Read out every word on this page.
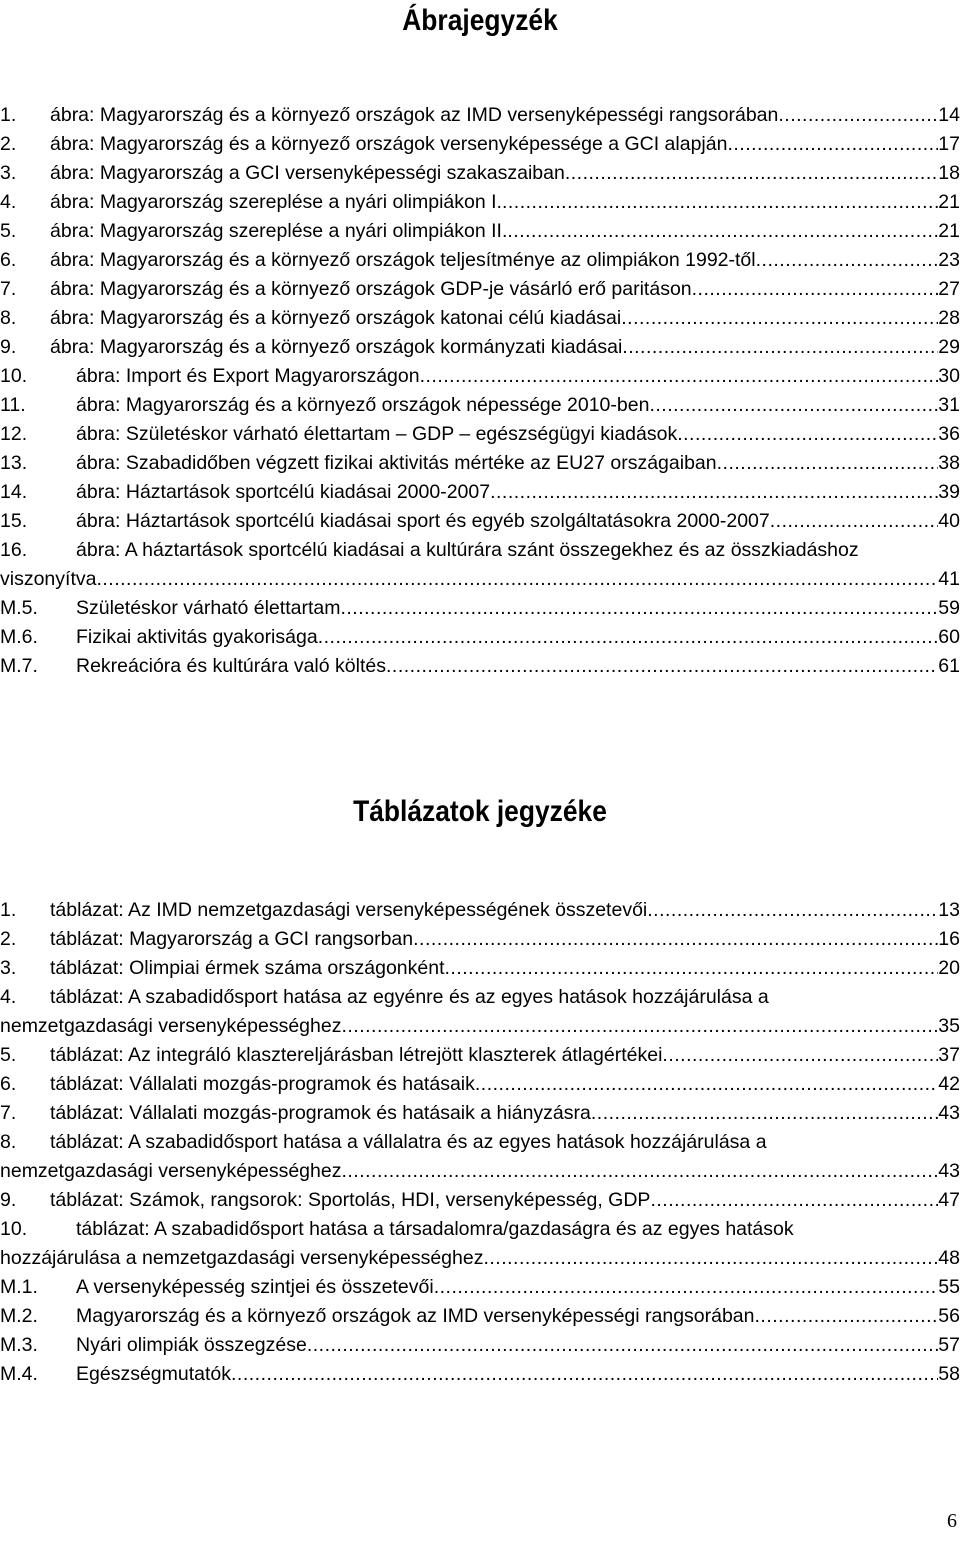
Ábrajegyzék
1. ábra: Magyarország és a környező országok az IMD versenyképességi rangsorában .....	14
2. ábra: Magyarország és a környező országok versenyképessége a GCI alapján .....	17
3. ábra: Magyarország a GCI versenyképességi szakaszaiban .....	18
4. ábra: Magyarország szereplése a nyári olimpiákon I. .....	21
5. ábra: Magyarország szereplése a nyári olimpiákon II. .....	21
6. ábra: Magyarország és a környező országok teljesítménye az olimpiákon 1992-től .....	23
7. ábra: Magyarország és a környező országok GDP-je vásárló erő paritáson .....	27
8. ábra: Magyarország és a környező országok katonai célú kiadásai .....	28
9. ábra: Magyarország és a környező országok kormányzati kiadásai .....	29
10.	ábra: Import és Export Magyarországon .....	30
11.	ábra: Magyarország és a környező országok népessége 2010-ben .....	31
12.	ábra: Születéskor várható élettartam – GDP – egészségügyi kiadások .....	36
13.	ábra: Szabadidőben végzett fizikai aktivitás mértéke az EU27 országaiban .....	38
14.	ábra: Háztartások sportcélú kiadásai 2000-2007 .....	39
15.	ábra: Háztartások sportcélú kiadásai sport és egyéb szolgáltatásokra 2000-2007 .....	40
16.	ábra: A háztartások sportcélú kiadásai a kultúrára szánt összegekhez és az összkiadáshoz
viszonyítva .....	41
M.5. Születéskor várható élettartam .....	59
M.6. Fizikai aktivitás gyakorisága .....	60
M.7. Rekreációra és kultúrára való költés .....	61
Táblázatok jegyzéke
1. táblázat: Az IMD nemzetgazdasági versenyképességének összetevői .....	13
2. táblázat: Magyarország a GCI rangsorban .....	16
3. táblázat: Olimpiai érmek száma országonként .....	20
4. táblázat: A szabadidősport hatása az egyénre és az egyes hatások hozzájárulása a
nemzetgazdasági versenyképességhez .....	35
5. táblázat: Az integráló klasztereljárásban létrejött klaszterek átlagértékei .....	37
6. táblázat: Vállalati mozgás-programok és hatásaik .....	42
7. táblázat: Vállalati mozgás-programok és hatásaik a hiányzásra .....	43
8. táblázat: A szabadidősport hatása a vállalatra és az egyes hatások hozzájárulása a
nemzetgazdasági versenyképességhez .....	43
9. táblázat: Számok, rangsorok: Sportolás, HDI, versenyképesség, GDP .....	47
10.	táblázat: A szabadidősport hatása a társadalomra/gazdaságra és az egyes hatások
hozzájárulása a nemzetgazdasági versenyképességhez .....	48
M.1. A versenyképesség szintjei és összetevői .....	55
M.2. Magyarország és a környező országok az IMD versenyképességi rangsorában .....	56
M.3. Nyári olimpiák összegzése .....	57
M.4. Egészségmutatók .....	58
6
